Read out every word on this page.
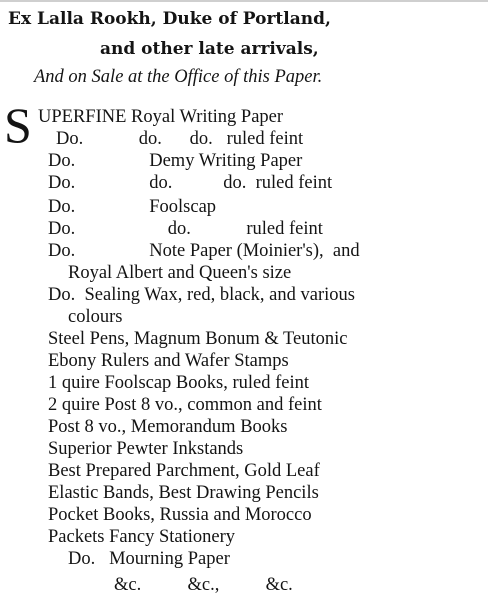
Ex Lalla Rookh, Duke of Portland,
and other late arrivals,
And on Sale at the Office of this Paper.
S UPERFINE Royal Writing Paper
Do.            do.      do.   ruled feint
Do.                Demy Writing Paper
Do.                do.           do.  ruled feint
Do.                Foolscap
Do.                    do.            ruled feint
Do.                Note Paper (Moinier's),  and
Royal Albert and Queen's size
Do.  Sealing Wax, red, black, and various
colours
Steel Pens, Magnum Bonum & Teutonic
Ebony Rulers and Wafer Stamps
1 quire Foolscap Books, ruled feint
2 quire Post 8 vo., common and feint
Post 8 vo., Memorandum Books
Superior Pewter Inkstands
Best Prepared Parchment, Gold Leaf
Elastic Bands, Best Drawing Pencils
Pocket Books, Russia and Morocco
Packets Fancy Stationery
Do.   Mourning Paper
&c.          &c.,          &c.
